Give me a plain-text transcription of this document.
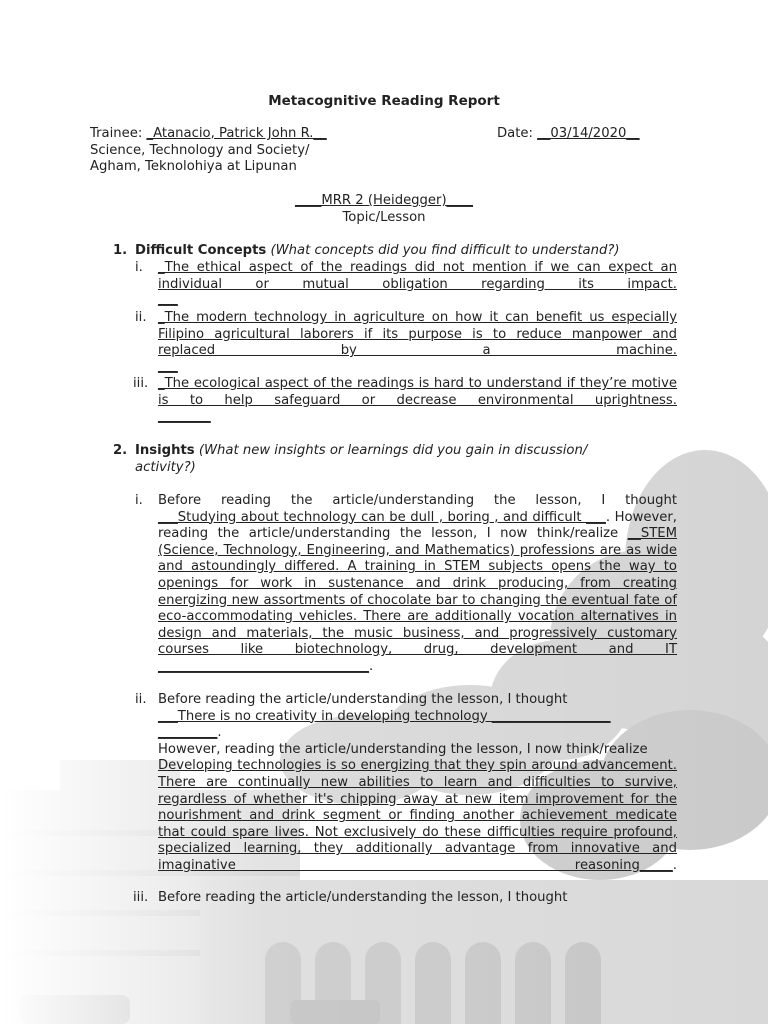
Metacognitive Reading Report
Trainee: _Atanacio, Patrick John R.__
Science, Technology and Society/
Agham, Teknolohiya at Lipunan
Date: __03/14/2020__
____MRR 2 (Heidegger)____
Topic/Lesson
1. Difficult Concepts (What concepts did you find difficult to understand?)
i.	_The ethical aspect of the readings did not mention if we can expect an individual or mutual obligation regarding its impact.

___

ii. _The modern technology in agriculture on how it can benefit us especially Filipino agricultural laborers if its purpose is to reduce manpower and replaced by a machine.

___

iii. _The ecological aspect of the readings is hard to understand if they’re motive is to help safeguard or decrease environmental uprightness.

________

2. Insights (What new insights or learnings did you gain in discussion/
activity?)
i.	Before reading the article/understanding the lesson, I thought

___Studying about technology can be dull , boring , and difficult ___. However, reading the article/understanding the lesson, I now think/realize __STEM (Science, Technology, Engineering, and Mathematics) professions are as wide and astoundingly differed. A training in STEM subjects opens the way to openings for work in sustenance and drink producing, from creating energizing new assortments of chocolate bar to changing the eventual fate of eco-accommodating vehicles. There are additionally vocation alternatives in design and materials, the music business, and progressively customary courses like biotechnology, drug, development and IT ________________________________.

ii. Before reading the article/understanding the lesson, I thought

___There is no creativity in developing technology __________________

_________.

However, reading the article/understanding the lesson, I now think/realize

Developing technologies is so energizing that they spin around advancement. There are continually new abilities to learn and difficulties to survive, regardless of whether it's chipping away at new item improvement for the nourishment and drink segment or finding another achievement medicate that could spare lives. Not exclusively do these difficulties require profound, specialized learning, they additionally advantage from innovative and imaginative reasoning_____.

iii. Before reading the article/understanding the lesson, I thought
